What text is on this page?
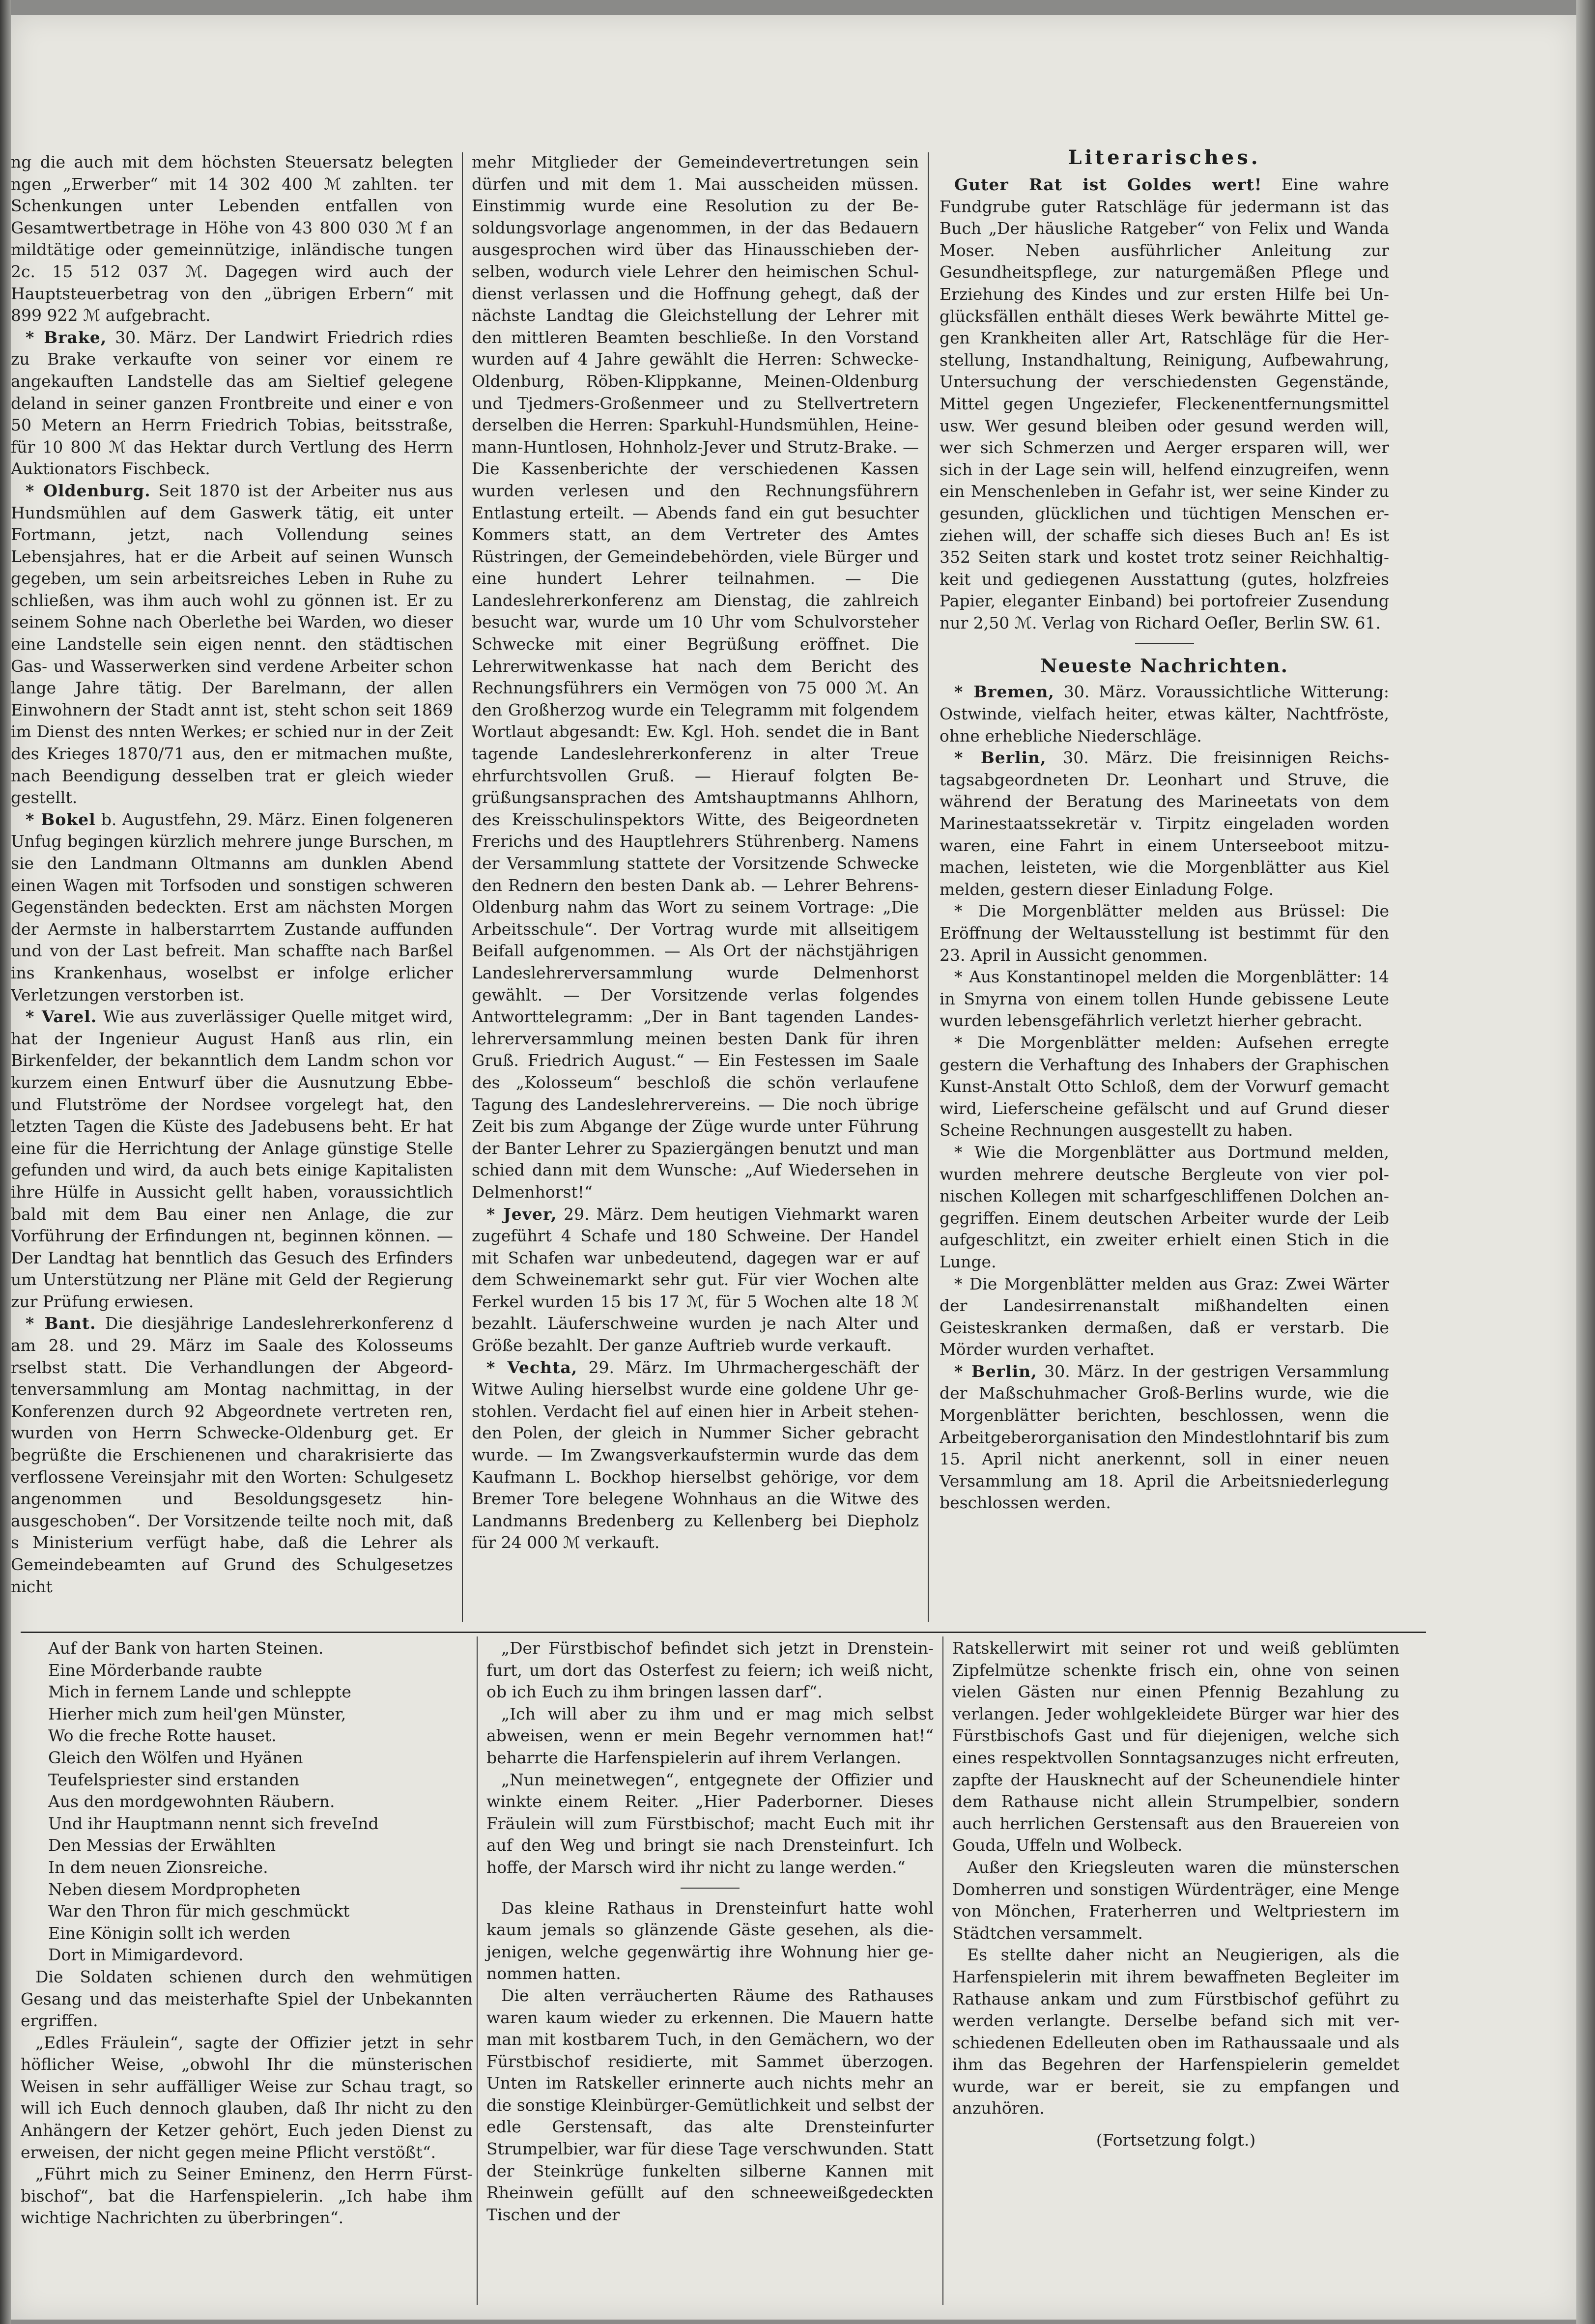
ng die auch mit dem höchsten Steuersatz belegten ngen „Erwerber“ mit 14 302 400 ℳ zahlten. ter Schenkungen unter Lebenden entfallen von Gesamtwertbetrage in Höhe von 43 800 030 ℳ f an mildtätige oder gemeinnützige, inländische tungen 2c. 15 512 037 ℳ. Dagegen wird auch der Hauptsteuerbetrag von den „übrigen Erbern“ mit 899 922 ℳ aufgebracht.

* Brake, 30. März. Der Landwirt Friedrich rdies zu Brake verkaufte von seiner vor einem re angekauften Landstelle das am Sieltief gelegene deland in seiner ganzen Frontbreite und einer e von 50 Metern an Herrn Friedrich Tobias, beitsstraße, für 10 800 ℳ das Hektar durch Vertlung des Herrn Auktionators Fischbeck.

* Oldenburg. Seit 1870 ist der Arbeiter nus aus Hundsmühlen auf dem Gaswerk tätig, eit unter Fortmann, jetzt, nach Vollendung seines Lebensjahres, hat er die Arbeit auf seinen Wunsch gegeben, um sein arbeitsreiches Leben in Ruhe zu schließen, was ihm auch wohl zu gönnen ist. Er zu seinem Sohne nach Oberlethe bei Warden, wo dieser eine Landstelle sein eigen nennt. den städtischen Gas- und Wasserwerken sind verdene Arbeiter schon lange Jahre tätig. Der Barelmann, der allen Einwohnern der Stadt annt ist, steht schon seit 1869 im Dienst des nnten Werkes; er schied nur in der Zeit des Krieges 1870/71 aus, den er mitmachen mußte, nach Beendigung desselben trat er gleich wieder gestellt.

* Bokel b. Augustfehn, 29. März. Einen folgeneren Unfug begingen kürzlich mehrere junge Burschen, m sie den Landmann Oltmanns am dunklen Abend einen Wagen mit Torfsoden und sonstigen schweren Gegenständen bedeckten. Erst am nächsten Morgen der Aermste in halberstarrtem Zustande auffunden und von der Last befreit. Man schaffte nach Barßel ins Krankenhaus, woselbst er infolge erlicher Verletzungen verstorben ist.

* Varel. Wie aus zuverlässiger Quelle mitget wird, hat der Ingenieur August Hanß aus rlin, ein Birkenfelder, der bekanntlich dem Landm schon vor kurzem einen Entwurf über die Ausnutzung Ebbe- und Flutströme der Nordsee vorgelegt hat, den letzten Tagen die Küste des Jadebusens beht. Er hat eine für die Herrichtung der Anlage günstige Stelle gefunden und wird, da auch bets einige Kapitalisten ihre Hülfe in Aussicht gellt haben, voraussichtlich bald mit dem Bau einer nen Anlage, die zur Vorführung der Erfindungen nt, beginnen können. — Der Landtag hat benntlich das Gesuch des Erfinders um Unterstützung ner Pläne mit Geld der Regierung zur Prüfung erwiesen.

* Bant. Die diesjährige Landeslehrerkonferenz d am 28. und 29. März im Saale des Kolosseums rselbst statt. Die Verhandlungen der Abgeordtenversammlung am Montag nachmittag, in der Konferenzen durch 92 Abgeordnete vertreten ren, wurden von Herrn Schwecke-Oldenburg get. Er begrüßte die Erschienenen und charakrisierte das verflossene Vereinsjahr mit den Worten: Schulgesetz angenommen und Besoldungsgesetz hinausgeschoben“. Der Vorsitzende teilte noch mit, daß s Ministerium verfügt habe, daß die Lehrer als Gemeindebeamten auf Grund des Schulgesetzes nicht

mehr Mitglieder der Gemeindevertretungen sein dürfen und mit dem 1. Mai ausscheiden müssen. Einstimmig wurde eine Resolution zu der Besoldungsvorlage angenommen, in der das Bedauern ausgesprochen wird über das Hinausschieben derselben, wodurch viele Lehrer den heimischen Schuldienst verlassen und die Hoffnung gehegt, daß der nächste Landtag die Gleichstellung der Lehrer mit den mittleren Beamten beschließe. In den Vorstand wurden auf 4 Jahre gewählt die Herren: Schwecke-Oldenburg, Röben-Klippkanne, Meinen-Oldenburg und Tjedmers-Großenmeer und zu Stellvertretern derselben die Herren: Sparkuhl-Hundsmühlen, Heinemann-Huntlosen, Hohnholz-Jever und Strutz-Brake. — Die Kassenberichte der verschiedenen Kassen wurden verlesen und den Rechnungsführern Entlastung erteilt. — Abends fand ein gut besuchter Kommers statt, an dem Vertreter des Amtes Rüstringen, der Gemeindebehörden, viele Bürger und eine hundert Lehrer teilnahmen. — Die Landeslehrerkonferenz am Dienstag, die zahlreich besucht war, wurde um 10 Uhr vom Schulvorsteher Schwecke mit einer Begrüßung eröffnet. Die Lehrerwitwenkasse hat nach dem Bericht des Rechnungsführers ein Vermögen von 75 000 ℳ. An den Großherzog wurde ein Telegramm mit folgendem Wortlaut abgesandt: Ew. Kgl. Hoh. sendet die in Bant tagende Landeslehrerkonferenz in alter Treue ehrfurchtsvollen Gruß. — Hierauf folgten Begrüßungsansprachen des Amtshauptmanns Ahlhorn, des Kreisschulinspektors Witte, des Beigeordneten Frerichs und des Hauptlehrers Stührenberg. Namens der Versammlung stattete der Vorsitzende Schwecke den Rednern den besten Dank ab. — Lehrer Behrens-Oldenburg nahm das Wort zu seinem Vortrage: „Die Arbeitsschule“. Der Vortrag wurde mit allseitigem Beifall aufgenommen. — Als Ort der nächstjährigen Landeslehrerversammlung wurde Delmenhorst gewählt. — Der Vorsitzende verlas folgendes Antworttelegramm: „Der in Bant tagenden Landeslehrerversammlung meinen besten Dank für ihren Gruß. Friedrich August.“ — Ein Festessen im Saale des „Kolosseum“ beschloß die schön verlaufene Tagung des Landeslehrervereins. — Die noch übrige Zeit bis zum Abgange der Züge wurde unter Führung der Banter Lehrer zu Spaziergängen benutzt und man schied dann mit dem Wunsche: „Auf Wiedersehen in Delmenhorst!“

* Jever, 29. März. Dem heutigen Viehmarkt waren zugeführt 4 Schafe und 180 Schweine. Der Handel mit Schafen war unbedeutend, dagegen war er auf dem Schweinemarkt sehr gut. Für vier Wochen alte Ferkel wurden 15 bis 17 ℳ, für 5 Wochen alte 18 ℳ bezahlt. Läuferschweine wurden je nach Alter und Größe bezahlt. Der ganze Auftrieb wurde verkauft.

* Vechta, 29. März. Im Uhrmachergeschäft der Witwe Auling hierselbst wurde eine goldene Uhr gestohlen. Verdacht fiel auf einen hier in Arbeit stehenden Polen, der gleich in Nummer Sicher gebracht wurde. — Im Zwangsverkaufstermin wurde das dem Kaufmann L. Bockhop hierselbst gehörige, vor dem Bremer Tore belegene Wohnhaus an die Witwe des Landmanns Bredenberg zu Kellenberg bei Diepholz für 24 000 ℳ verkauft.

Literarisches.

Guter Rat ist Goldes wert! Eine wahre Fundgrube guter Ratschläge für jedermann ist das Buch „Der häusliche Ratgeber“ von Felix und Wanda Moser. Neben ausführlicher Anleitung zur Gesundheitspflege, zur naturgemäßen Pflege und Erziehung des Kindes und zur ersten Hilfe bei Unglücksfällen enthält dieses Werk bewährte Mittel gegen Krankheiten aller Art, Ratschläge für die Herstellung, Instandhaltung, Reinigung, Aufbewahrung, Untersuchung der verschiedensten Gegenstände, Mittel gegen Ungeziefer, Fleckenentfernungsmittel usw. Wer gesund bleiben oder gesund werden will, wer sich Schmerzen und Aerger ersparen will, wer sich in der Lage sein will, helfend einzugreifen, wenn ein Menschenleben in Gefahr ist, wer seine Kinder zu gesunden, glücklichen und tüchtigen Menschen erziehen will, der schaffe sich dieses Buch an! Es ist 352 Seiten stark und kostet trotz seiner Reichhaltigkeit und gediegenen Ausstattung (gutes, holzfreies Papier, eleganter Einband) bei portofreier Zusendung nur 2,50 ℳ. Verlag von Richard Oeſler, Berlin SW. 61.

Neueste Nachrichten.

* Bremen, 30. März. Voraussichtliche Witterung: Ostwinde, vielfach heiter, etwas kälter, Nachtfröste, ohne erhebliche Niederschläge.

* Berlin, 30. März. Die freisinnigen Reichstagsabgeordneten Dr. Leonhart und Struve, die während der Beratung des Marineetats von dem Marinestaatssekretär v. Tirpitz eingeladen worden waren, eine Fahrt in einem Unterseeboot mitzumachen, leisteten, wie die Morgenblätter aus Kiel melden, gestern dieser Einladung Folge.

* Die Morgenblätter melden aus Brüssel: Die Eröffnung der Weltausstellung ist bestimmt für den 23. April in Aussicht genommen.

* Aus Konstantinopel melden die Morgenblätter: 14 in Smyrna von einem tollen Hunde gebissene Leute wurden lebensgefährlich verletzt hierher gebracht.

* Die Morgenblätter melden: Aufsehen erregte gestern die Verhaftung des Inhabers der Graphischen Kunst-Anstalt Otto Schloß, dem der Vorwurf gemacht wird, Lieferscheine gefälscht und auf Grund dieser Scheine Rechnungen ausgestellt zu haben.

* Wie die Morgenblätter aus Dortmund melden, wurden mehrere deutsche Bergleute von vier polnischen Kollegen mit scharfgeschliffenen Dolchen angegriffen. Einem deutschen Arbeiter wurde der Leib aufgeschlitzt, ein zweiter erhielt einen Stich in die Lunge.

* Die Morgenblätter melden aus Graz: Zwei Wärter der Landesirrenanstalt mißhandelten einen Geisteskranken dermaßen, daß er verstarb. Die Mörder wurden verhaftet.

* Berlin, 30. März. In der gestrigen Versammlung der Maßschuhmacher Groß-Berlins wurde, wie die Morgenblätter berichten, beschlossen, wenn die Arbeitgeberorganisation den Mindestlohntarif bis zum 15. April nicht anerkennt, soll in einer neuen Versammlung am 18. April die Arbeitsniederlegung beschlossen werden.

Auf der Bank von harten Steinen.
Eine Mörderbande raubte
Mich in fernem Lande und schleppte
Hierher mich zum heil'gen Münster,
Wo die freche Rotte hauset.
Gleich den Wölfen und Hyänen
Teufelspriester sind erstanden
Aus den mordgewohnten Räubern.
Und ihr Hauptmann nennt sich freveInd
Den Messias der Erwählten
In dem neuen Zionsreiche.
Neben diesem Mordpropheten
War den Thron für mich geschmückt
Eine Königin sollt ich werden
Dort in Mimigardevord.

Die Soldaten schienen durch den wehmütigen Gesang und das meisterhafte Spiel der Unbekannten ergriffen.

„Edles Fräulein“, sagte der Offizier jetzt in sehr höflicher Weise, „obwohl Ihr die münsterischen Weisen in sehr auffälliger Weise zur Schau tragt, so will ich Euch dennoch glauben, daß Ihr nicht zu den Anhängern der Ketzer gehört, Euch jeden Dienst zu erweisen, der nicht gegen meine Pflicht verstößt“.

„Führt mich zu Seiner Eminenz, den Herrn Fürstbischof“, bat die Harfenspielerin. „Ich habe ihm wichtige Nachrichten zu überbringen“.

„Der Fürstbischof befindet sich jetzt in Drensteinfurt, um dort das Osterfest zu feiern; ich weiß nicht, ob ich Euch zu ihm bringen lassen darf“.

„Ich will aber zu ihm und er mag mich selbst abweisen, wenn er mein Begehr vernommen hat!“ beharrte die Harfenspielerin auf ihrem Verlangen.

„Nun meinetwegen“, entgegnete der Offizier und winkte einem Reiter. „Hier Paderborner. Dieses Fräulein will zum Fürstbischof; macht Euch mit ihr auf den Weg und bringt sie nach Drensteinfurt. Ich hoffe, der Marsch wird ihr nicht zu lange werden.“

Das kleine Rathaus in Drensteinfurt hatte wohl kaum jemals so glänzende Gäste gesehen, als diejenigen, welche gegenwärtig ihre Wohnung hier genommen hatten.

Die alten verräucherten Räume des Rathauses waren kaum wieder zu erkennen. Die Mauern hatte man mit kostbarem Tuch, in den Gemächern, wo der Fürstbischof residierte, mit Sammet überzogen. Unten im Ratskeller erinnerte auch nichts mehr an die sonstige Kleinbürger-Gemütlichkeit und selbst der edle Gerstensaft, das alte Drensteinfurter Strumpelbier, war für diese Tage verschwunden. Statt der Steinkrüge funkelten silberne Kannen mit Rheinwein gefüllt auf den schneeweißgedeckten Tischen und der

Ratskellerwirt mit seiner rot und weiß geblümten Zipfelmütze schenkte frisch ein, ohne von seinen vielen Gästen nur einen Pfennig Bezahlung zu verlangen. Jeder wohlgekleidete Bürger war hier des Fürstbischofs Gast und für diejenigen, welche sich eines respektvollen Sonntagsanzuges nicht erfreuten, zapfte der Hausknecht auf der Scheunendiele hinter dem Rathause nicht allein Strumpelbier, sondern auch herrlichen Gerstensaft aus den Brauereien von Gouda, Uffeln und Wolbeck.

Außer den Kriegsleuten waren die münsterschen Domherren und sonstigen Würdenträger, eine Menge von Mönchen, Fraterherren und Weltpriestern im Städtchen versammelt.

Es stellte daher nicht an Neugierigen, als die Harfenspielerin mit ihrem bewaffneten Begleiter im Rathause ankam und zum Fürstbischof geführt zu werden verlangte. Derselbe befand sich mit verschiedenen Edelleuten oben im Rathaussaale und als ihm das Begehren der Harfenspielerin gemeldet wurde, war er bereit, sie zu empfangen und anzuhören.

(Fortsetzung folgt.)
